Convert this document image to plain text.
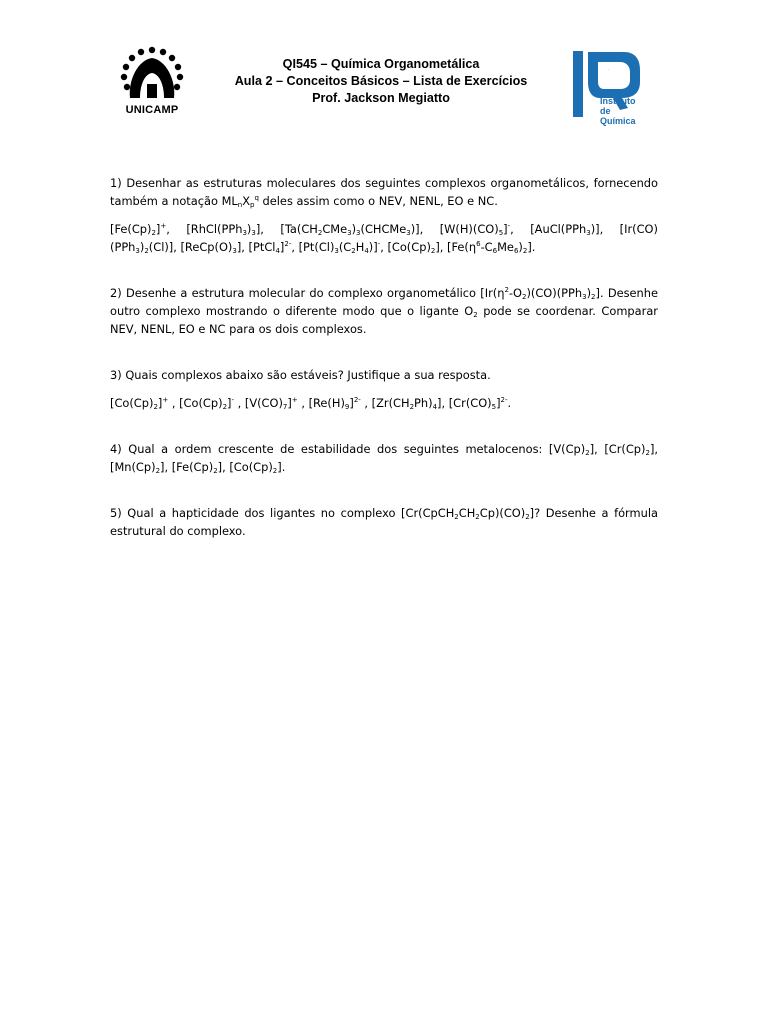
UNICAMP
QI545 – Química Organometálica
Aula 2 – Conceitos Básicos – Lista de Exercícios
Prof. Jackson Megiatto
IQ
Instituto
de Química

1) Desenhar as estruturas moleculares dos seguintes complexos organometálicos, fornecendo também a notação $ML_nX_p^q$ deles assim como o NEV, NENL, EO e NC.

$[Fe(Cp)_2]^+$, $[RhCl(PPh_3)_3]$, $[Ta(CH_2CMe_3)_3(CHCMe_3)]$, $[W(H)(CO)_5]^-$, [AuCl(PPh$_3$)], $[Ir(CO)(PPh_3)_2(Cl)]$, $[ReCp(O)_3]$, [PtCl$_4$]$^{2-}$, $[Pt(Cl)_3(C_2H_4)]^-$, $[Co(Cp)_2]$, $[Fe(\eta^6-C_6Me_6)_2]$.

2) Desenhe a estrutura molecular do complexo organometálico $[Ir(\eta^2-O_2)(CO)(PPh_3)_2]$. Desenhe outro complexo mostrando o diferente modo que o ligante $O_2$ pode se coordenar. Comparar NEV, NENL, EO e NC para os dois complexos.

3) Quais complexos abaixo são estáveis? Justifique a sua resposta.

$[Co(Cp)_2]^+$ , $[Co(Cp)_2]^-$ , $[V(CO)_7]^+$ , $[Re(H)_9]^{2-}$ , $[Zr(CH_2Ph)_4]$, $[Cr(CO)_5]^{2-}$.

4) Qual a ordem crescente de estabilidade dos seguintes metalocenos: $[V(Cp)_2]$, $[Cr(Cp)_2]$, $[Mn(Cp)_2]$, $[Fe(Cp)_2]$, $[Co(Cp)_2]$.

5) Qual a hapticidade dos ligantes no complexo $[Cr(CpCH_2CH_2Cp)(CO)_2]$? Desenhe a fórmula estrutural do complexo.
